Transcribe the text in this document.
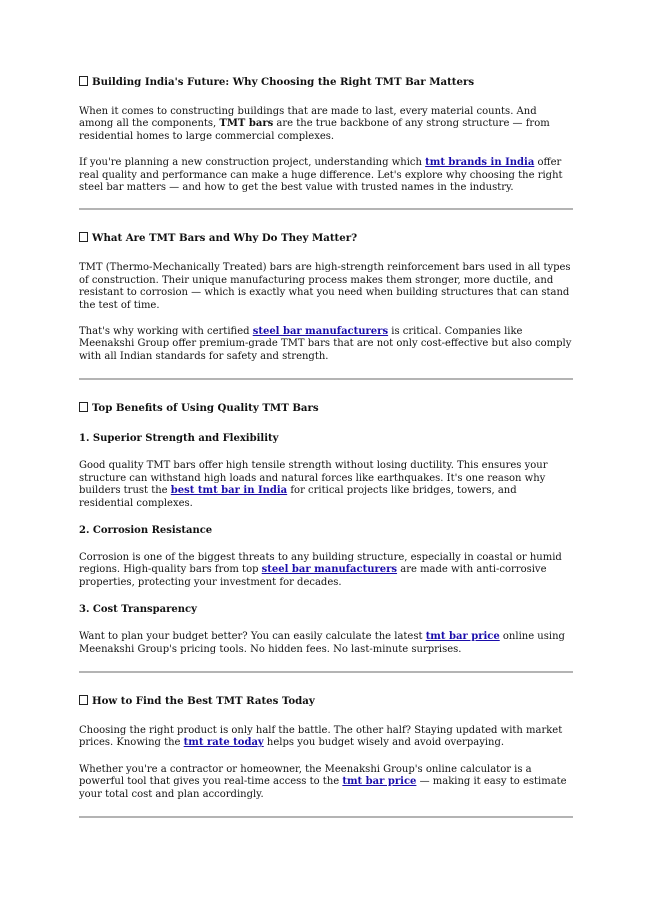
Building India's Future: Why Choosing the Right TMT Bar Matters

When it comes to constructing buildings that are made to last, every material counts. And among all the components, TMT bars are the true backbone of any strong structure — from residential homes to large commercial complexes.

If you're planning a new construction project, understanding which tmt brands in India offer real quality and performance can make a huge difference. Let's explore why choosing the right steel bar matters — and how to get the best value with trusted names in the industry.

What Are TMT Bars and Why Do They Matter?

TMT (Thermo-Mechanically Treated) bars are high-strength reinforcement bars used in all types of construction. Their unique manufacturing process makes them stronger, more ductile, and resistant to corrosion — which is exactly what you need when building structures that can stand the test of time.

That's why working with certified steel bar manufacturers is critical. Companies like Meenakshi Group offer premium-grade TMT bars that are not only cost-effective but also comply with all Indian standards for safety and strength.

Top Benefits of Using Quality TMT Bars
1. Superior Strength and Flexibility

Good quality TMT bars offer high tensile strength without losing ductility. This ensures your structure can withstand high loads and natural forces like earthquakes. It's one reason why builders trust the best tmt bar in India for critical projects like bridges, towers, and residential complexes.

2. Corrosion Resistance

Corrosion is one of the biggest threats to any building structure, especially in coastal or humid regions. High-quality bars from top steel bar manufacturers are made with anti-corrosive properties, protecting your investment for decades.

3. Cost Transparency

Want to plan your budget better? You can easily calculate the latest tmt bar price online using Meenakshi Group's pricing tools. No hidden fees. No last-minute surprises.

How to Find the Best TMT Rates Today

Choosing the right product is only half the battle. The other half? Staying updated with market prices. Knowing the tmt rate today helps you budget wisely and avoid overpaying.

Whether you're a contractor or homeowner, the Meenakshi Group's online calculator is a powerful tool that gives you real-time access to the tmt bar price — making it easy to estimate your total cost and plan accordingly.
